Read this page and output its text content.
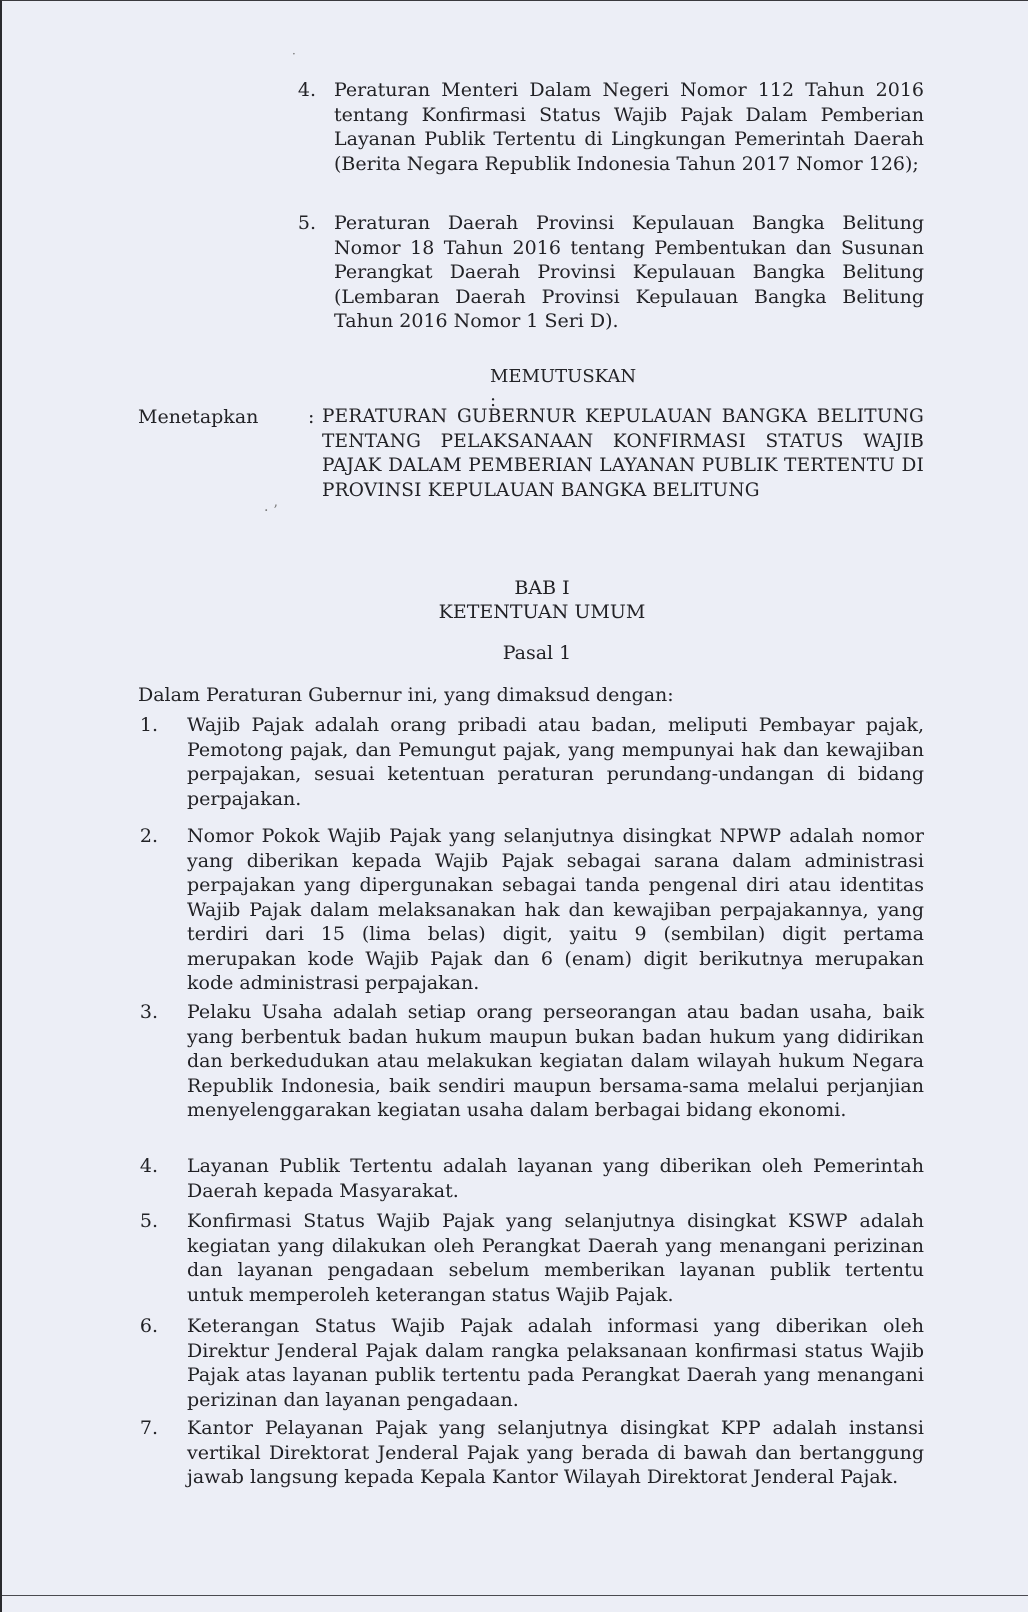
·
· ʼ
4. Peraturan Menteri Dalam Negeri Nomor 112 Tahun 2016 tentang Konfirmasi Status Wajib Pajak Dalam Pemberian Layanan Publik Tertentu di Lingkungan Pemerintah Daerah (Berita Negara Republik Indonesia Tahun 2017 Nomor 126);
5. Peraturan Daerah Provinsi Kepulauan Bangka Belitung Nomor 18 Tahun 2016 tentang Pembentukan dan Susunan Perangkat Daerah Provinsi Kepulauan Bangka Belitung (Lembaran Daerah Provinsi Kepulauan Bangka Belitung Tahun 2016 Nomor 1 Seri D).
MEMUTUSKAN :
Menetapkan	: PERATURAN GUBERNUR KEPULAUAN BANGKA BELITUNG TENTANG PELAKSANAAN KONFIRMASI STATUS WAJIB PAJAK DALAM PEMBERIAN LAYANAN PUBLIK TERTENTU DI PROVINSI KEPULAUAN BANGKA BELITUNG
BAB I
KETENTUAN UMUM
Pasal 1
Dalam Peraturan Gubernur ini, yang dimaksud dengan:
1. Wajib Pajak adalah orang pribadi atau badan, meliputi Pembayar pajak, Pemotong pajak, dan Pemungut pajak, yang mempunyai hak dan kewajiban perpajakan, sesuai ketentuan peraturan perundang-undangan di bidang perpajakan.
2. Nomor Pokok Wajib Pajak yang selanjutnya disingkat NPWP adalah nomor yang diberikan kepada Wajib Pajak sebagai sarana dalam administrasi perpajakan yang dipergunakan sebagai tanda pengenal diri atau identitas Wajib Pajak dalam melaksanakan hak dan kewajiban perpajakannya, yang terdiri dari 15 (lima belas) digit, yaitu 9 (sembilan) digit pertama merupakan kode Wajib Pajak dan 6 (enam) digit berikutnya merupakan kode administrasi perpajakan.
3. Pelaku Usaha adalah setiap orang perseorangan atau badan usaha, baik yang berbentuk badan hukum maupun bukan badan hukum yang didirikan dan berkedudukan atau melakukan kegiatan dalam wilayah hukum Negara Republik Indonesia, baik sendiri maupun bersama-sama melalui perjanjian menyelenggarakan kegiatan usaha dalam berbagai bidang ekonomi.
4. Layanan Publik Tertentu adalah layanan yang diberikan oleh Pemerintah Daerah kepada Masyarakat.
5. Konfirmasi Status Wajib Pajak yang selanjutnya disingkat KSWP adalah kegiatan yang dilakukan oleh Perangkat Daerah yang menangani perizinan dan layanan pengadaan sebelum memberikan layanan publik tertentu untuk memperoleh keterangan status Wajib Pajak.
6. Keterangan Status Wajib Pajak adalah informasi yang diberikan oleh Direktur Jenderal Pajak dalam rangka pelaksanaan konfirmasi status Wajib Pajak atas layanan publik tertentu pada Perangkat Daerah yang menangani perizinan dan layanan pengadaan.
7. Kantor Pelayanan Pajak yang selanjutnya disingkat KPP adalah instansi vertikal Direktorat Jenderal Pajak yang berada di bawah dan bertanggung jawab langsung kepada Kepala Kantor Wilayah Direktorat Jenderal Pajak.
